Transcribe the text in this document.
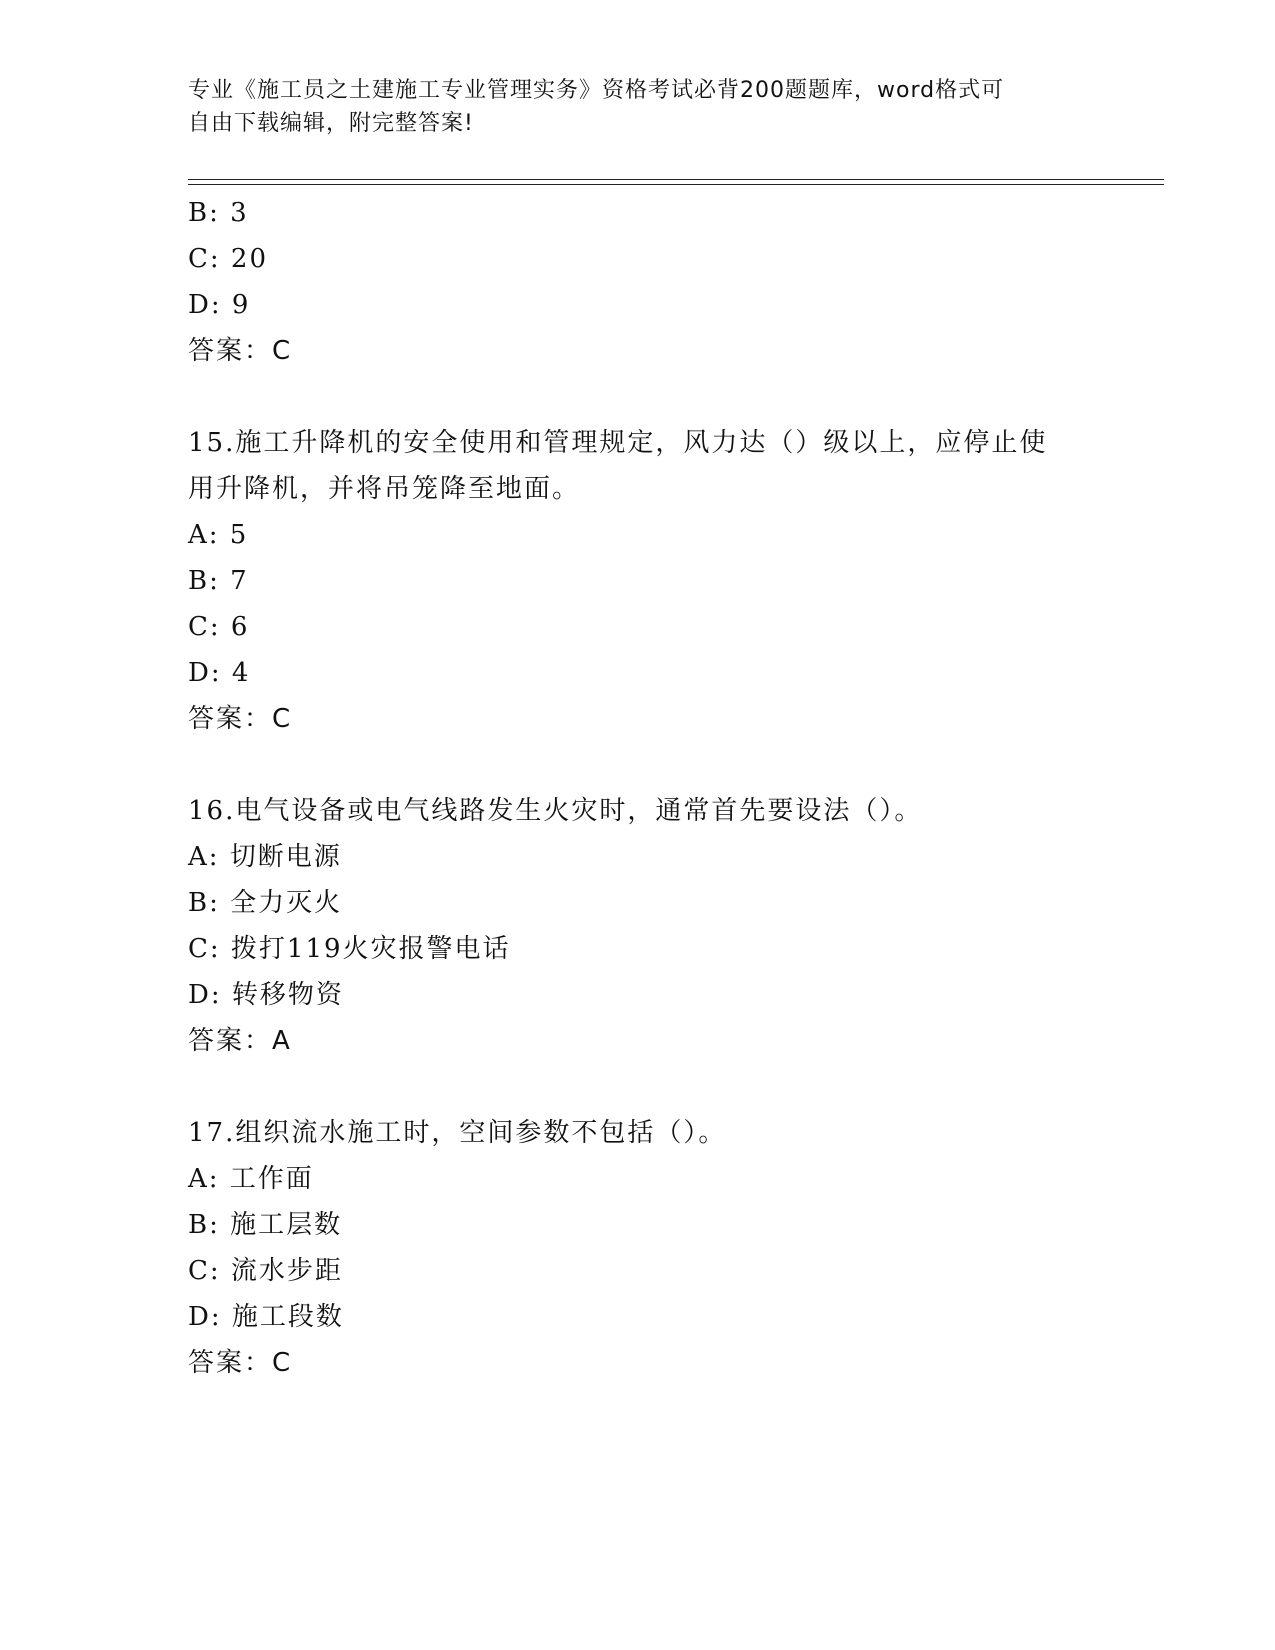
专业《施工员之土建施工专业管理实务》资格考试必背200题题库，word格式可
自由下载编辑，附完整答案!
B: 3
C: 20
D: 9
答案：C
15.施工升降机的安全使用和管理规定，风力达（）级以上，应停止使
用升降机，并将吊笼降至地面。
A: 5
B: 7
C: 6
D: 4
答案：C
16.电气设备或电气线路发生火灾时，通常首先要设法（）。
A: 切断电源
B: 全力灭火
C: 拨打119火灾报警电话
D: 转移物资
答案：A
17.组织流水施工时，空间参数不包括（）。
A: 工作面
B: 施工层数
C: 流水步距
D: 施工段数
答案：C
